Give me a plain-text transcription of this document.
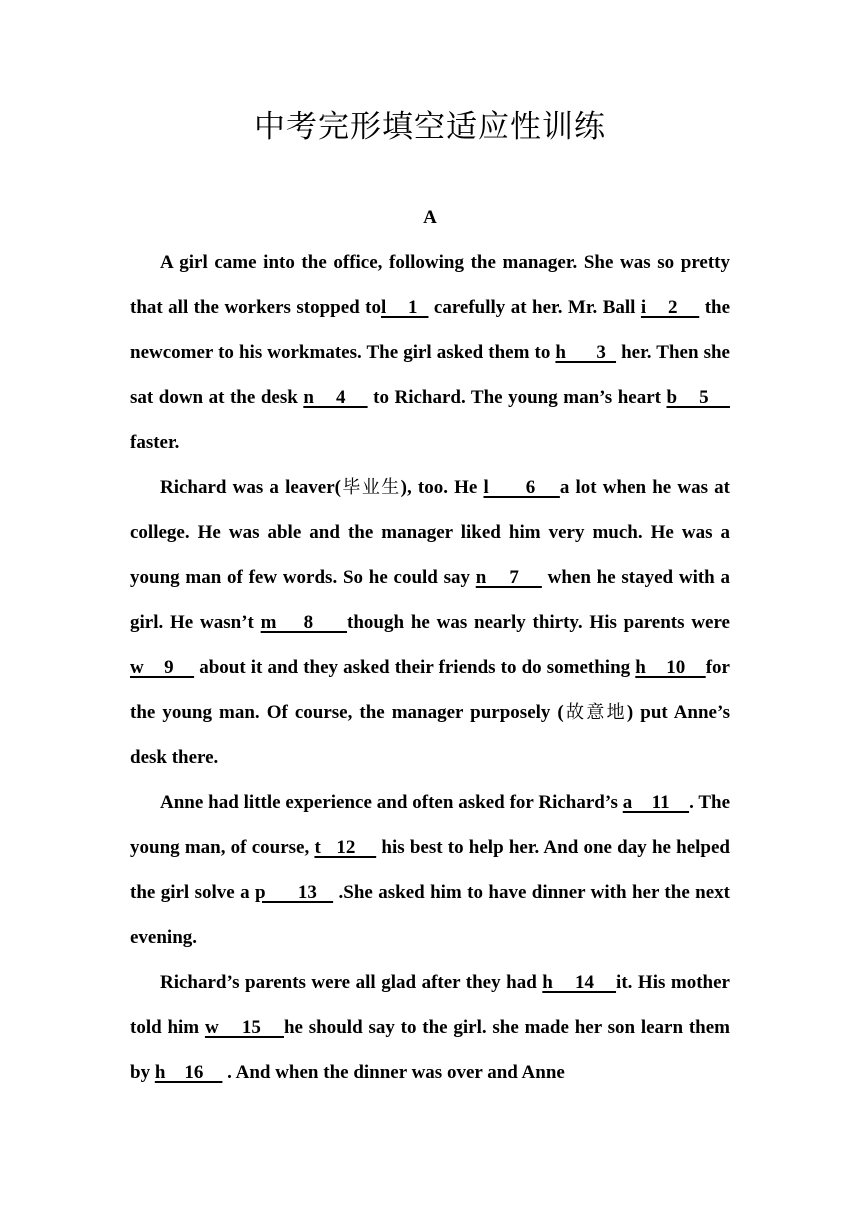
中考完形填空适应性训练
A

A girl came into the office, following the manager. She was so pretty that all the workers stopped tol    1   carefully at her. Mr. Ball i    2     the newcomer to his workmates. The girl asked them to h      3   her. Then she sat down at the desk n    4     to Richard. The young man’s heart b    5     faster.

Richard was a leaver(毕业生), too. He l      6    a lot when he was at college. He was able and the manager liked him very much. He was a young man of few words. So he could say n    7     when he stayed with a girl. He wasn’t m    8     though he was nearly thirty. His parents were w    9     about it and they asked their friends to do something h    10    for the young man. Of course, the manager purposely (故意地) put Anne’s desk there.

Anne had little experience and often asked for Richard’s a    11    . The young man, of course, t   12     his best to help her. And one day he helped the girl solve a p      13    .She asked him to have dinner with her the next evening.

Richard’s parents were all glad after they had h    14    it. His mother told him w    15    he should say to the girl. she made her son learn them by h    16     . And when the dinner was over and Anne
